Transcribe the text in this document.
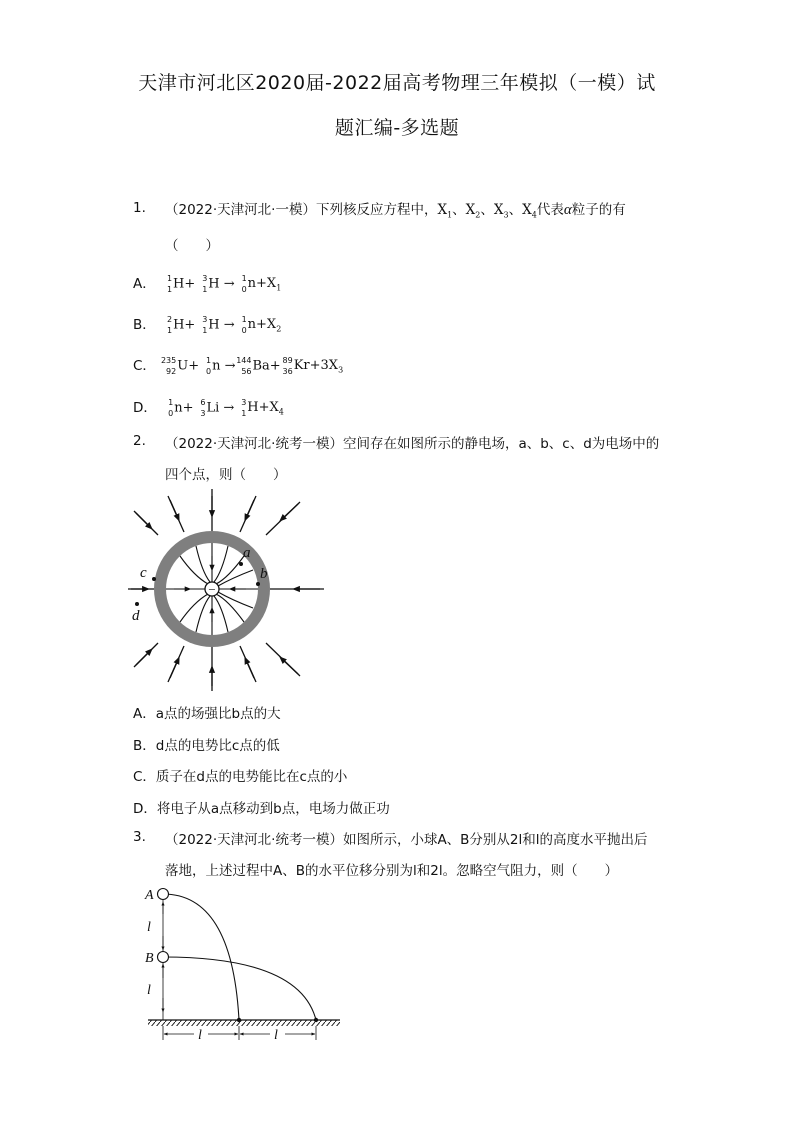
天津市河北区2020届-2022届高考物理三年模拟（一模）试
题汇编-多选题
1. （2022·天津河北·一模）下列核反应方程中，$X_1$、$X_2$、$X_3$、$X_4$代表α粒子的有
（　　）
A． 1
1 H+ 3
1 H → 1
0 $n+X_1$
B． 2
1 H+ 3
1 H → 1
0 $n+X_2$
C． 235
92 U+ 1
0 n → 144
56 Ba+ 89
36 $Kr+3X_3$
D． 1
0 n+ 6
3 Li → 3
1 $H+X_4$
2. （2022·天津河北·统考一模）空间存在如图所示的静电场，a、b、c、d为电场中的
四个点，则（　　）
−
a
b
c
d
A．a点的场强比b点的大
B．d点的电势比c点的低
C．质子在d点的电势能比在c点的小
D．将电子从a点移动到b点，电场力做正功
3. （2022·天津河北·统考一模）如图所示，小球A、B分别从2l和l的高度水平抛出后
落地，上述过程中A、B的水平位移分别为l和2l。忽略空气阻力，则（　　）
A
B
l
l
l	l
